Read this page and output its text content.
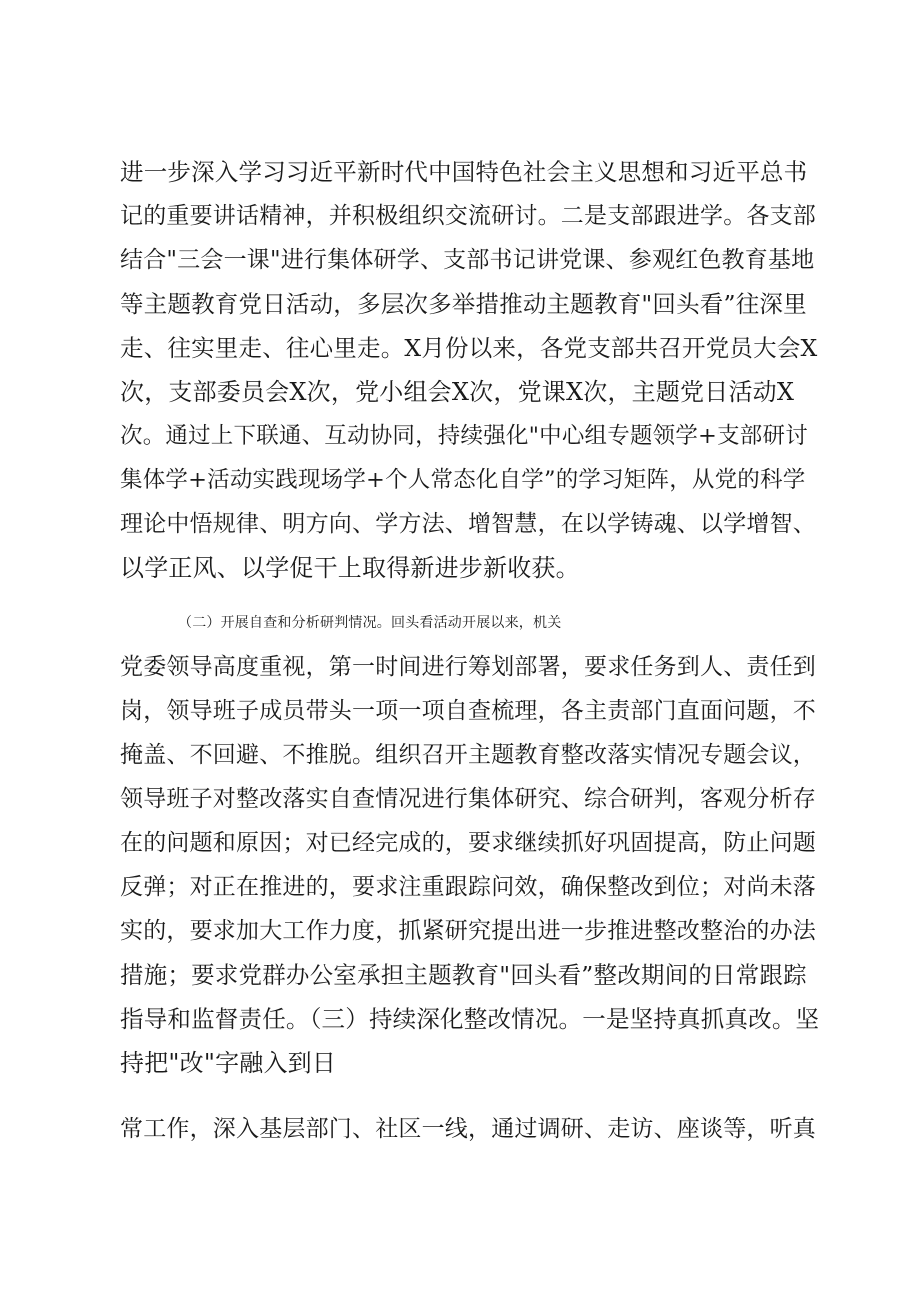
进一步深入学习习近平新时代中国特色社会主义思想和习近平总书
记的重要讲话精神，并积极组织交流研讨。二是支部跟进学。各支部
结合"三会一课"进行集体研学、支部书记讲党课、参观红色教育基地
等主题教育党日活动，多层次多举措推动主题教育"回头看”往深里
走、往实里走、往心里走。X月份以来，各党支部共召开党员大会X
次，支部委员会X次，党小组会X次，党课X次，主题党日活动X
次。通过上下联通、互动协同，持续强化"中心组专题领学+支部研讨
集体学+活动实践现场学+个人常态化自学”的学习矩阵，从党的科学
理论中悟规律、明方向、学方法、增智慧，在以学铸魂、以学增智、
以学正风、以学促干上取得新进步新收获。
（二）开展自查和分析研判情况。回头看活动开展以来，机关
党委领导高度重视，第一时间进行筹划部署，要求任务到人、责任到
岗，领导班子成员带头一项一项自查梳理，各主责部门直面问题，不
掩盖、不回避、不推脱。组织召开主题教育整改落实情况专题会议，
领导班子对整改落实自查情况进行集体研究、综合研判，客观分析存
在的问题和原因；对已经完成的，要求继续抓好巩固提高，防止问题
反弹；对正在推进的，要求注重跟踪问效，确保整改到位；对尚未落
实的，要求加大工作力度，抓紧研究提出进一步推进整改整治的办法
措施；要求党群办公室承担主题教育"回头看”整改期间的日常跟踪
指导和监督责任。（三）持续深化整改情况。一是坚持真抓真改。坚
持把"改"字融入到日
常工作，深入基层部门、社区一线，通过调研、走访、座谈等，听真
